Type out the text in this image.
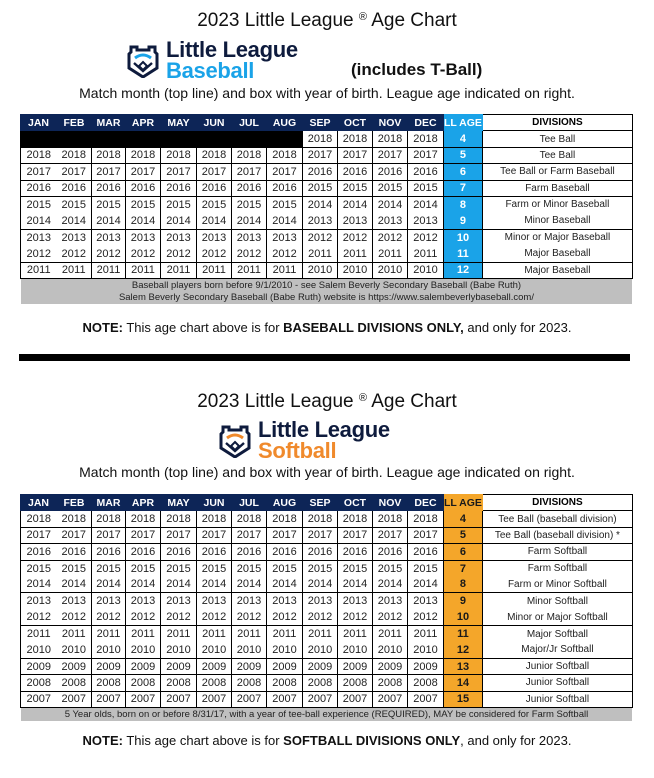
2023 Little League ® Age Chart
Little League
Baseball	(includes T-Ball)
Match month (top line) and box with year of birth. League age indicated on right.
JAN	FEB	MAR	APR	MAY	JUN	JUL	AUG	SEP	OCT	NOV	DEC	LL AGE	DIVISIONS
								2018	2018	2018	2018	4	Tee Ball
2018	2018	2018	2018	2018	2018	2018	2018	2017	2017	2017	2017	5	Tee Ball
2017	2017	2017	2017	2017	2017	2017	2017	2016	2016	2016	2016	6	Tee Ball or Farm Baseball
2016	2016	2016	2016	2016	2016	2016	2016	2015	2015	2015	2015	7	Farm Baseball
2015	2015	2015	2015	2015	2015	2015	2015	2014	2014	2014	2014	8	Farm or Minor Baseball
2014	2014	2014	2014	2014	2014	2014	2014	2013	2013	2013	2013	9	Minor Baseball
2013	2013	2013	2013	2013	2013	2013	2013	2012	2012	2012	2012	10	Minor or Major Baseball
2012	2012	2012	2012	2012	2012	2012	2012	2011	2011	2011	2011	11	Major Baseball
2011	2011	2011	2011	2011	2011	2011	2011	2010	2010	2010	2010	12	Major Baseball
Baseball players born before 9/1/2010 - see Salem Beverly Secondary Baseball (Babe Ruth)													
Salem Beverly Secondary Baseball (Babe Ruth) website is https://www.salembeverlybaseball.com/													
NOTE: This age chart above is for BASEBALL DIVISIONS ONLY, and only for 2023.
2023 Little League ® Age Chart
Little League
Softball
Match month (top line) and box with year of birth. League age indicated on right.
JAN	FEB	MAR	APR	MAY	JUN	JUL	AUG	SEP	OCT	NOV	DEC	LL AGE	DIVISIONS
2018	2018	2018	2018	2018	2018	2018	2018	2018	2018	2018	2018	4	Tee Ball (baseball division)
2017	2017	2017	2017	2017	2017	2017	2017	2017	2017	2017	2017	5	Tee Ball (baseball division) *
2016	2016	2016	2016	2016	2016	2016	2016	2016	2016	2016	2016	6	Farm Softball
2015	2015	2015	2015	2015	2015	2015	2015	2015	2015	2015	2015	7	Farm Softball
2014	2014	2014	2014	2014	2014	2014	2014	2014	2014	2014	2014	8	Farm or Minor Softball
2013	2013	2013	2013	2013	2013	2013	2013	2013	2013	2013	2013	9	Minor Softball
2012	2012	2012	2012	2012	2012	2012	2012	2012	2012	2012	2012	10	Minor or Major Softball
2011	2011	2011	2011	2011	2011	2011	2011	2011	2011	2011	2011	11	Major Softball
2010	2010	2010	2010	2010	2010	2010	2010	2010	2010	2010	2010	12	Major/Jr Softball
2009	2009	2009	2009	2009	2009	2009	2009	2009	2009	2009	2009	13	Junior Softball
2008	2008	2008	2008	2008	2008	2008	2008	2008	2008	2008	2008	14	Junior Softball
2007	2007	2007	2007	2007	2007	2007	2007	2007	2007	2007	2007	15	Junior Softball
5 Year olds, born on or before 8/31/17, with a year of tee-ball experience (REQUIRED), MAY be considered for Farm Softball													
NOTE: This age chart above is for SOFTBALL DIVISIONS ONLY, and only for 2023.
